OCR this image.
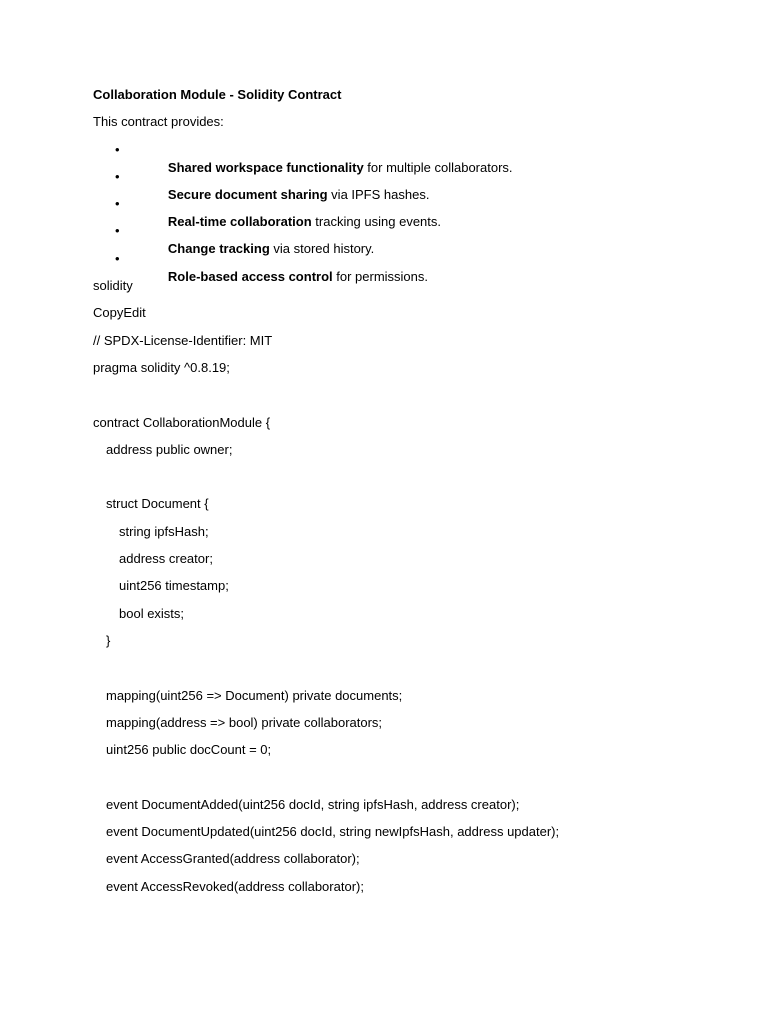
Collaboration Module - Solidity Contract
This contract provides:

•
Shared workspace functionality for multiple collaborators.

•
Secure document sharing via IPFS hashes.

•
Real-time collaboration tracking using events.

•
Change tracking via stored history.

•
Role-based access control for permissions.

solidity
CopyEdit
// SPDX-License-Identifier: MIT
pragma solidity ^0.8.19;
contract CollaborationModule {
address public owner;
struct Document {
string ipfsHash;
address creator;
uint256 timestamp;
bool exists;
}
mapping(uint256 => Document) private documents;
mapping(address => bool) private collaborators;
uint256 public docCount = 0;
event DocumentAdded(uint256 docId, string ipfsHash, address creator);
event DocumentUpdated(uint256 docId, string newIpfsHash, address updater);
event AccessGranted(address collaborator);
event AccessRevoked(address collaborator);
